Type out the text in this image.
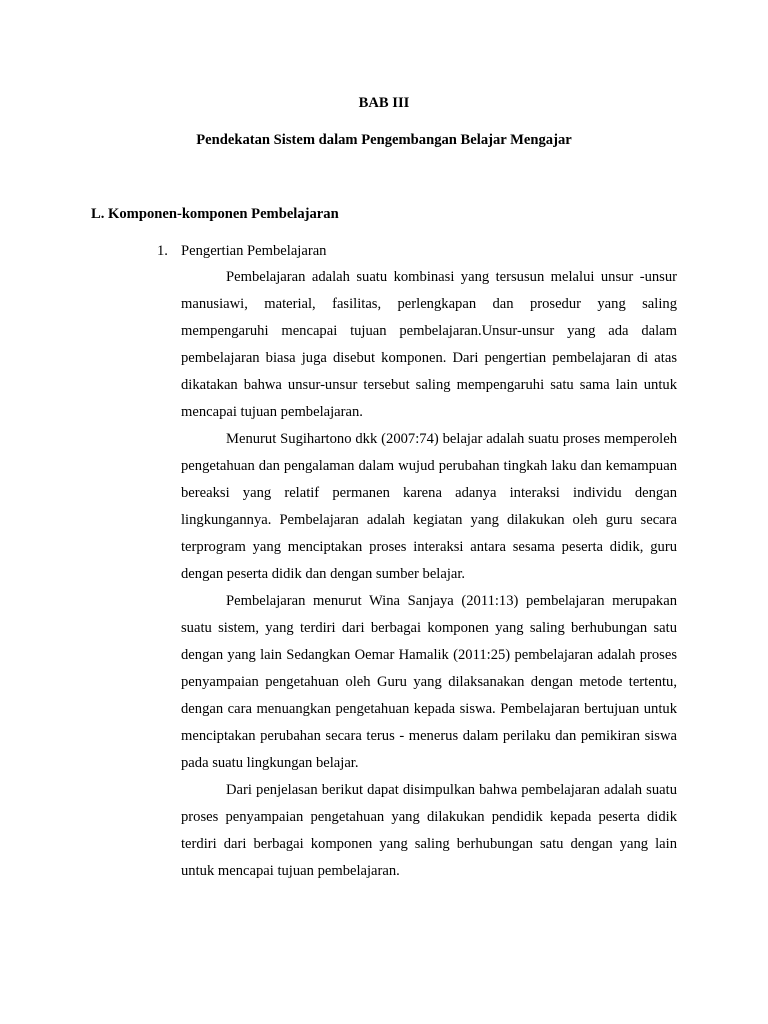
BAB III
Pendekatan Sistem dalam Pengembangan Belajar Mengajar
L. Komponen-komponen Pembelajaran
1. Pengertian Pembelajaran

Pembelajaran adalah suatu kombinasi yang tersusun melalui unsur -unsur manusiawi, material, fasilitas, perlengkapan dan prosedur yang saling mempengaruhi mencapai tujuan pembelajaran.Unsur-unsur yang ada dalam pembelajaran biasa juga disebut komponen. Dari pengertian pembelajaran di atas dikatakan bahwa unsur-unsur tersebut saling mempengaruhi satu sama lain untuk mencapai tujuan pembelajaran.

Menurut Sugihartono dkk (2007:74) belajar adalah suatu proses memperoleh pengetahuan dan pengalaman dalam wujud perubahan tingkah laku dan kemampuan bereaksi yang relatif permanen karena adanya interaksi individu dengan lingkungannya. Pembelajaran adalah kegiatan yang dilakukan oleh guru secara terprogram yang menciptakan proses interaksi antara sesama peserta didik, guru dengan peserta didik dan dengan sumber belajar.

Pembelajaran menurut Wina Sanjaya (2011:13) pembelajaran merupakan suatu sistem, yang terdiri dari berbagai komponen yang saling berhubungan satu dengan yang lain Sedangkan Oemar Hamalik (2011:25) pembelajaran adalah proses penyampaian pengetahuan oleh Guru yang dilaksanakan dengan metode tertentu, dengan cara menuangkan pengetahuan kepada siswa. Pembelajaran bertujuan untuk menciptakan perubahan secara terus - menerus dalam perilaku dan pemikiran siswa pada suatu lingkungan belajar.

Dari penjelasan berikut dapat disimpulkan bahwa pembelajaran adalah suatu proses penyampaian pengetahuan yang dilakukan pendidik kepada peserta didik terdiri dari berbagai komponen yang saling berhubungan satu dengan yang lain untuk mencapai tujuan pembelajaran.
